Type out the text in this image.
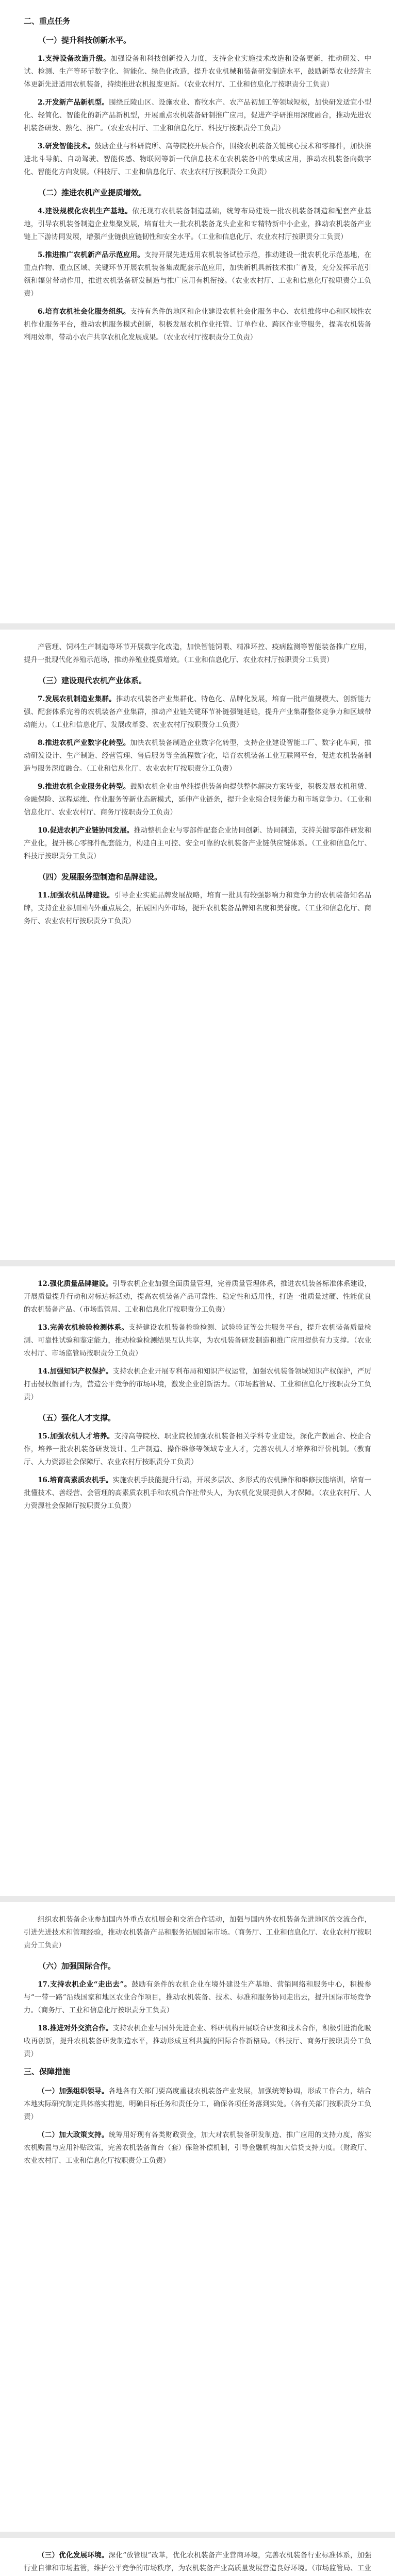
二、重点任务
（一）提升科技创新水平。

1.支持设备改造升级。加强设备和科技创新投入力度，支持企业实施技术改造和设备更新，推动研发、中试、检测、生产等环节数字化、智能化、绿色化改造，提升农业机械和装备研发制造水平，鼓励新型农业经营主体更新先进适用农机装备，持续推进农机报废更新。（农业农村厅、工业和信息化厅按职责分工负责）

2.开发新产品新机型。围绕丘陵山区、设施农业、畜牧水产、农产品初加工等领域短板，加快研发适宜小型化、轻简化、智能化的新产品新机型，开展重点农机装备研制推广应用，促进产学研推用深度融合，推动先进农机装备研发、熟化、推广。（农业农村厅、工业和信息化厅、科技厅按职责分工负责）

3.研发智能技术。鼓励企业与科研院所、高等院校开展合作，围绕农机装备关键核心技术和零部件，加快推进北斗导航、自动驾驶、智能传感、物联网等新一代信息技术在农机装备中的集成应用，推动农机装备向数字化、智能化方向发展。（科技厅、工业和信息化厅、农业农村厅按职责分工负责）

（二）推进农机产业提质增效。

4.建设规模化农机生产基地。依托现有农机装备制造基础，统筹布局建设一批农机装备制造和配套产业基地，引导农机装备制造企业集聚发展，培育壮大一批农机装备龙头企业和专精特新中小企业，推动农机装备产业链上下游协同发展，增强产业链供应链韧性和安全水平。（工业和信息化厅、农业农村厅按职责分工负责）

5.推进推广农机新产品示范应用。支持开展先进适用农机装备试验示范，推动建设一批农机化示范基地，在重点作物、重点区域、关键环节开展农机装备集成配套示范应用，加快新机具新技术推广普及，充分发挥示范引领和辐射带动作用，推进农机装备研发制造与推广应用有机衔接。（农业农村厅、工业和信息化厅按职责分工负责）

6.培育农机社会化服务组织。支持有条件的地区和企业建设农机社会化服务中心、农机维修中心和区域性农机作业服务平台，推动农机服务模式创新，积极发展农机作业托管、订单作业、跨区作业等服务，提高农机装备利用效率，带动小农户共享农机化发展成果。（农业农村厅按职责分工负责）

产管理、饲料生产制造等环节开展数字化改造，加快智能饲喂、精准环控、疫病监测等智能装备推广应用，提升一批现代化养殖示范场，推动养殖业提质增效。（工业和信息化厅、农业农村厅按职责分工负责）

（三）建设现代农机产业体系。

7.发展农机制造业集群。推动农机装备产业集群化、特色化、品牌化发展，培育一批产值规模大、创新能力强、配套体系完善的农机装备产业集群，推动产业链关键环节补链强链延链，提升产业集群整体竞争力和区域带动能力。（工业和信息化厅、发展改革委、农业农村厅按职责分工负责）

8.推进农机产业数字化转型。加快农机装备制造企业数字化转型，支持企业建设智能工厂、数字化车间，推动研发设计、生产制造、经营管理、售后服务等全流程数字化，培育农机装备工业互联网平台，促进农机装备制造与服务深度融合。（工业和信息化厅、农业农村厅按职责分工负责）

9.推进农机企业服务化转型。鼓励农机企业由单纯提供装备向提供整体解决方案转变，积极发展农机租赁、金融保险、远程运维、作业服务等新业态新模式，延伸产业链条，提升企业综合服务能力和市场竞争力。（工业和信息化厅、农业农村厅、商务厅按职责分工负责）

10.促进农机产业链协同发展。推动整机企业与零部件配套企业协同创新、协同制造，支持关键零部件研发和产业化，提升核心零部件配套能力，构建自主可控、安全可靠的农机装备产业链供应链体系。（工业和信息化厅、科技厅按职责分工负责）

（四）发展服务型制造和品牌建设。

11.加强农机品牌建设。引导企业实施品牌发展战略，培育一批具有较强影响力和竞争力的农机装备知名品牌，支持企业参加国内外重点展会，拓展国内外市场，提升农机装备品牌知名度和美誉度。（工业和信息化厅、商务厅、农业农村厅按职责分工负责）

12.强化质量品牌建设。引导农机企业加强全面质量管理，完善质量管理体系，推进农机装备标准体系建设，开展质量提升行动和对标达标活动，提高农机装备产品可靠性、稳定性和适用性，打造一批质量过硬、性能优良的农机装备产品。（市场监管局、工业和信息化厅按职责分工负责）

13.完善农机检验检测体系。支持建设农机装备检验检测、试验验证等公共服务平台，提升农机装备质量检测、可靠性试验和鉴定能力，推动检验检测结果互认共享，为农机装备研发制造和推广应用提供有力支撑。（农业农村厅、市场监管局按职责分工负责）

14.加强知识产权保护。支持农机企业开展专利布局和知识产权运营，加强农机装备领域知识产权保护，严厉打击侵权假冒行为，营造公平竞争的市场环境，激发企业创新活力。（市场监管局、工业和信息化厅按职责分工负责）

（五）强化人才支撑。

15.加强农机人才培养。支持高等院校、职业院校加强农机装备相关学科专业建设，深化产教融合、校企合作，培养一批农机装备研发设计、生产制造、操作维修等领域专业人才，完善农机人才培养和评价机制。（教育厅、人力资源社会保障厅、农业农村厅按职责分工负责）

16.培育高素质农机手。实施农机手技能提升行动，开展多层次、多形式的农机操作和维修技能培训，培育一批懂技术、善经营、会管理的高素质农机手和农机合作社带头人，为农机化发展提供人才保障。（农业农村厅、人力资源社会保障厅按职责分工负责）

组织农机装备企业参加国内外重点农机展会和交流合作活动，加强与国内外农机装备先进地区的交流合作，引进先进技术和管理经验，推动农机装备产品和服务拓展国际市场。（商务厅、工业和信息化厅、农业农村厅按职责分工负责）

（六）加强国际合作。

17.支持农机企业“走出去”。鼓励有条件的农机企业在境外建设生产基地、营销网络和服务中心，积极参与“一带一路”沿线国家和地区农业合作项目，推动农机装备、技术、标准和服务协同走出去，提升国际市场竞争力。（商务厅、工业和信息化厅按职责分工负责）

18.推进对外交流合作。支持农机企业与国外先进企业、科研机构开展联合研发和技术合作，积极引进消化吸收再创新，提升农机装备研发制造水平，推动形成互利共赢的国际合作新格局。（科技厅、商务厅按职责分工负责）

三、保障措施

（一）加强组织领导。各地各有关部门要高度重视农机装备产业发展，加强统筹协调，形成工作合力，结合本地实际研究制定具体落实措施，明确目标任务和责任分工，确保各项任务落到实处。（各有关部门按职责分工负责）

（二）加大政策支持。统筹用好现有各类财政资金，加大对农机装备研发制造、推广应用的支持力度，落实农机购置与应用补贴政策，完善农机装备首台（套）保险补偿机制，引导金融机构加大信贷支持力度。（财政厅、农业农村厅、工业和信息化厅按职责分工负责）

（三）优化发展环境。深化“放管服”改革，优化农机装备产业营商环境，完善农机装备行业标准体系，加强行业自律和市场监管，维护公平竞争的市场秩序，为农机装备产业高质量发展营造良好环境。（市场监管局、工业
